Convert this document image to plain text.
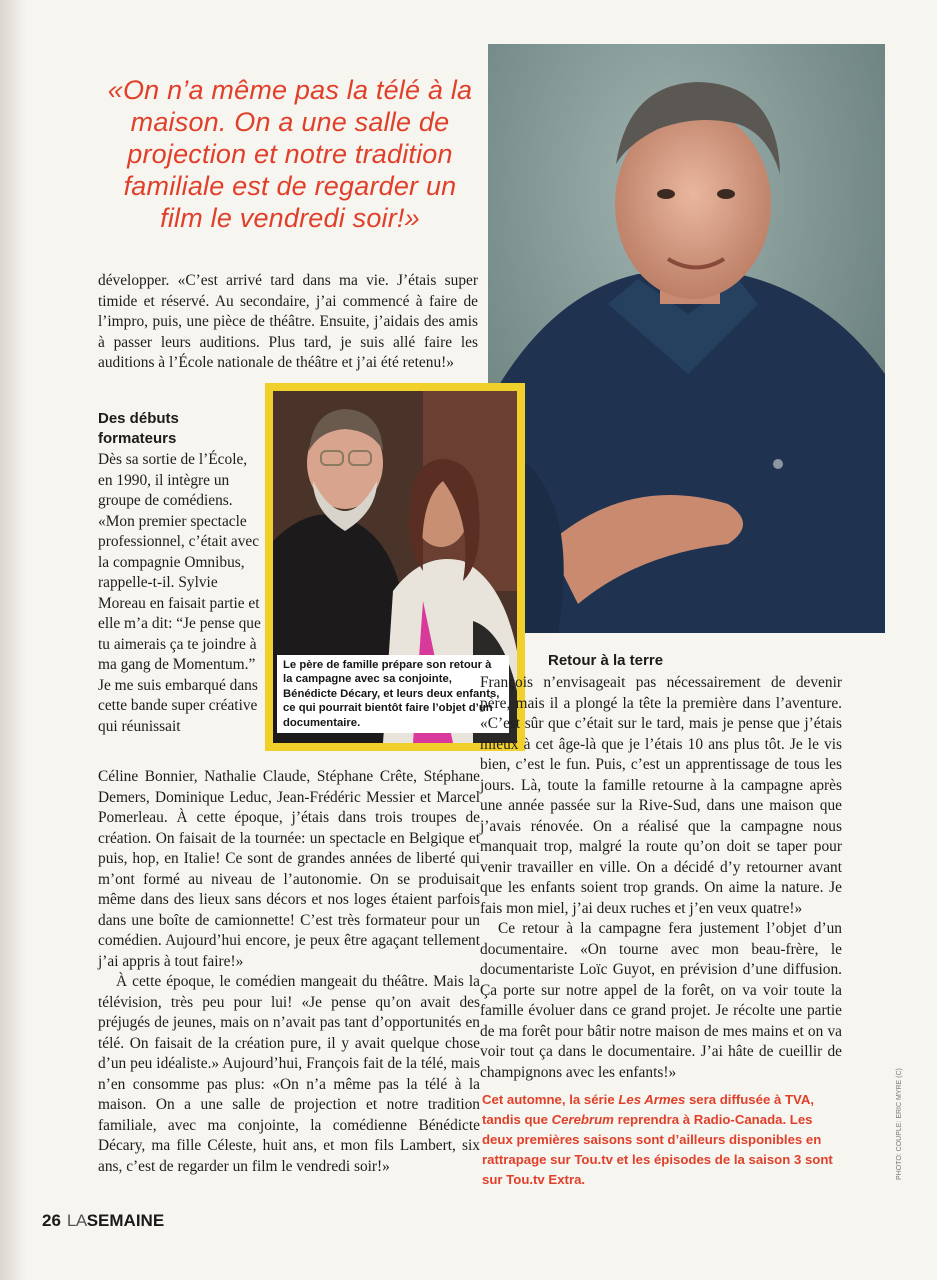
«On n’a même pas la télé à la maison. On a une salle de projection et notre tradition familiale est de regarder un film le vendredi soir!»
développer. «C’est arrivé tard dans ma vie. J’étais super timide et réservé. Au secondaire, j’ai commencé à faire de l’impro, puis, une pièce de théâtre. Ensuite, j’aidais des amis à passer leurs auditions. Plus tard, je suis allé faire les auditions à l’École nationale de théâtre et j’ai été retenu!»
Des débuts formateurs
Dès sa sortie de l’École, en 1990, il intègre un groupe de comédiens. «Mon premier spectacle professionnel, c’était avec la compagnie Omnibus, rappelle-t-il. Sylvie Moreau en faisait partie et elle m’a dit: “Je pense que tu aimerais ça te joindre à ma gang de Momentum.” Je me suis embarqué dans cette bande super créative qui réunissait
Le père de famille prépare son retour à la campagne avec sa conjointe, Bénédicte Décary, et leurs deux enfants, ce qui pourrait bientôt faire l’objet d’un documentaire.

Céline Bonnier, Nathalie Claude, Stéphane Crête, Stéphane Demers, Dominique Leduc, Jean-Frédéric Messier et Marcel Pomerleau. À cette époque, j’étais dans trois troupes de création. On faisait de la tournée: un spectacle en Belgique et puis, hop, en Italie! Ce sont de grandes années de liberté qui m’ont formé au niveau de l’autonomie. On se produisait même dans des lieux sans décors et nos loges étaient parfois dans une boîte de camionnette! C’est très formateur pour un comédien. Aujourd’hui encore, je peux être agaçant tellement j’ai appris à tout faire!»

À cette époque, le comédien mangeait du théâtre. Mais la télévision, très peu pour lui! «Je pense qu’on avait des préjugés de jeunes, mais on n’avait pas tant d’opportunités en télé. On faisait de la création pure, il y avait quelque chose d’un peu idéaliste.» Aujourd’hui, François fait de la télé, mais n’en consomme pas plus: «On n’a même pas la télé à la maison. On a une salle de projection et notre tradition familiale, avec ma conjointe, la comédienne Bénédicte Décary, ma fille Céleste, huit ans, et mon fils Lambert, six ans, c’est de regarder un film le vendredi soir!»

Retour à la terre

François n’envisageait pas nécessairement de devenir père, mais il a plongé la tête la première dans l’aventure. «C’est sûr que c’était sur le tard, mais je pense que j’étais mieux à cet âge-là que je l’étais 10 ans plus tôt. Je le vis bien, c’est le fun. Puis, c’est un apprentissage de tous les jours. Là, toute la famille retourne à la campagne après une année passée sur la Rive-Sud, dans une maison que j’avais rénovée. On a réalisé que la campagne nous manquait trop, malgré la route qu’on doit se taper pour venir travailler en ville. On a décidé d’y retourner avant que les enfants soient trop grands. On aime la nature. Je fais mon miel, j’ai deux ruches et j’en veux quatre!»

Ce retour à la campagne fera justement l’objet d’un documentaire. «On tourne avec mon beau-frère, le documentariste Loïc Guyot, en prévision d’une diffusion. Ça porte sur notre appel de la forêt, on va voir toute la famille évoluer dans ce grand projet. Je récolte une partie de ma forêt pour bâtir notre maison de mes mains et on va voir tout ça dans le documentaire. J’ai hâte de cueillir de champignons avec les enfants!»

Cet automne, la série Les Armes sera diffusée à TVA, tandis que Cerebrum reprendra à Radio-Canada. Les deux premières saisons sont d’ailleurs disponibles en rattrapage sur Tou.tv et les épisodes de la saison 3 sont sur Tou.tv Extra.
26 LASEMAINE
PHOTO: COUPLE: ERIC MYRE (C)
